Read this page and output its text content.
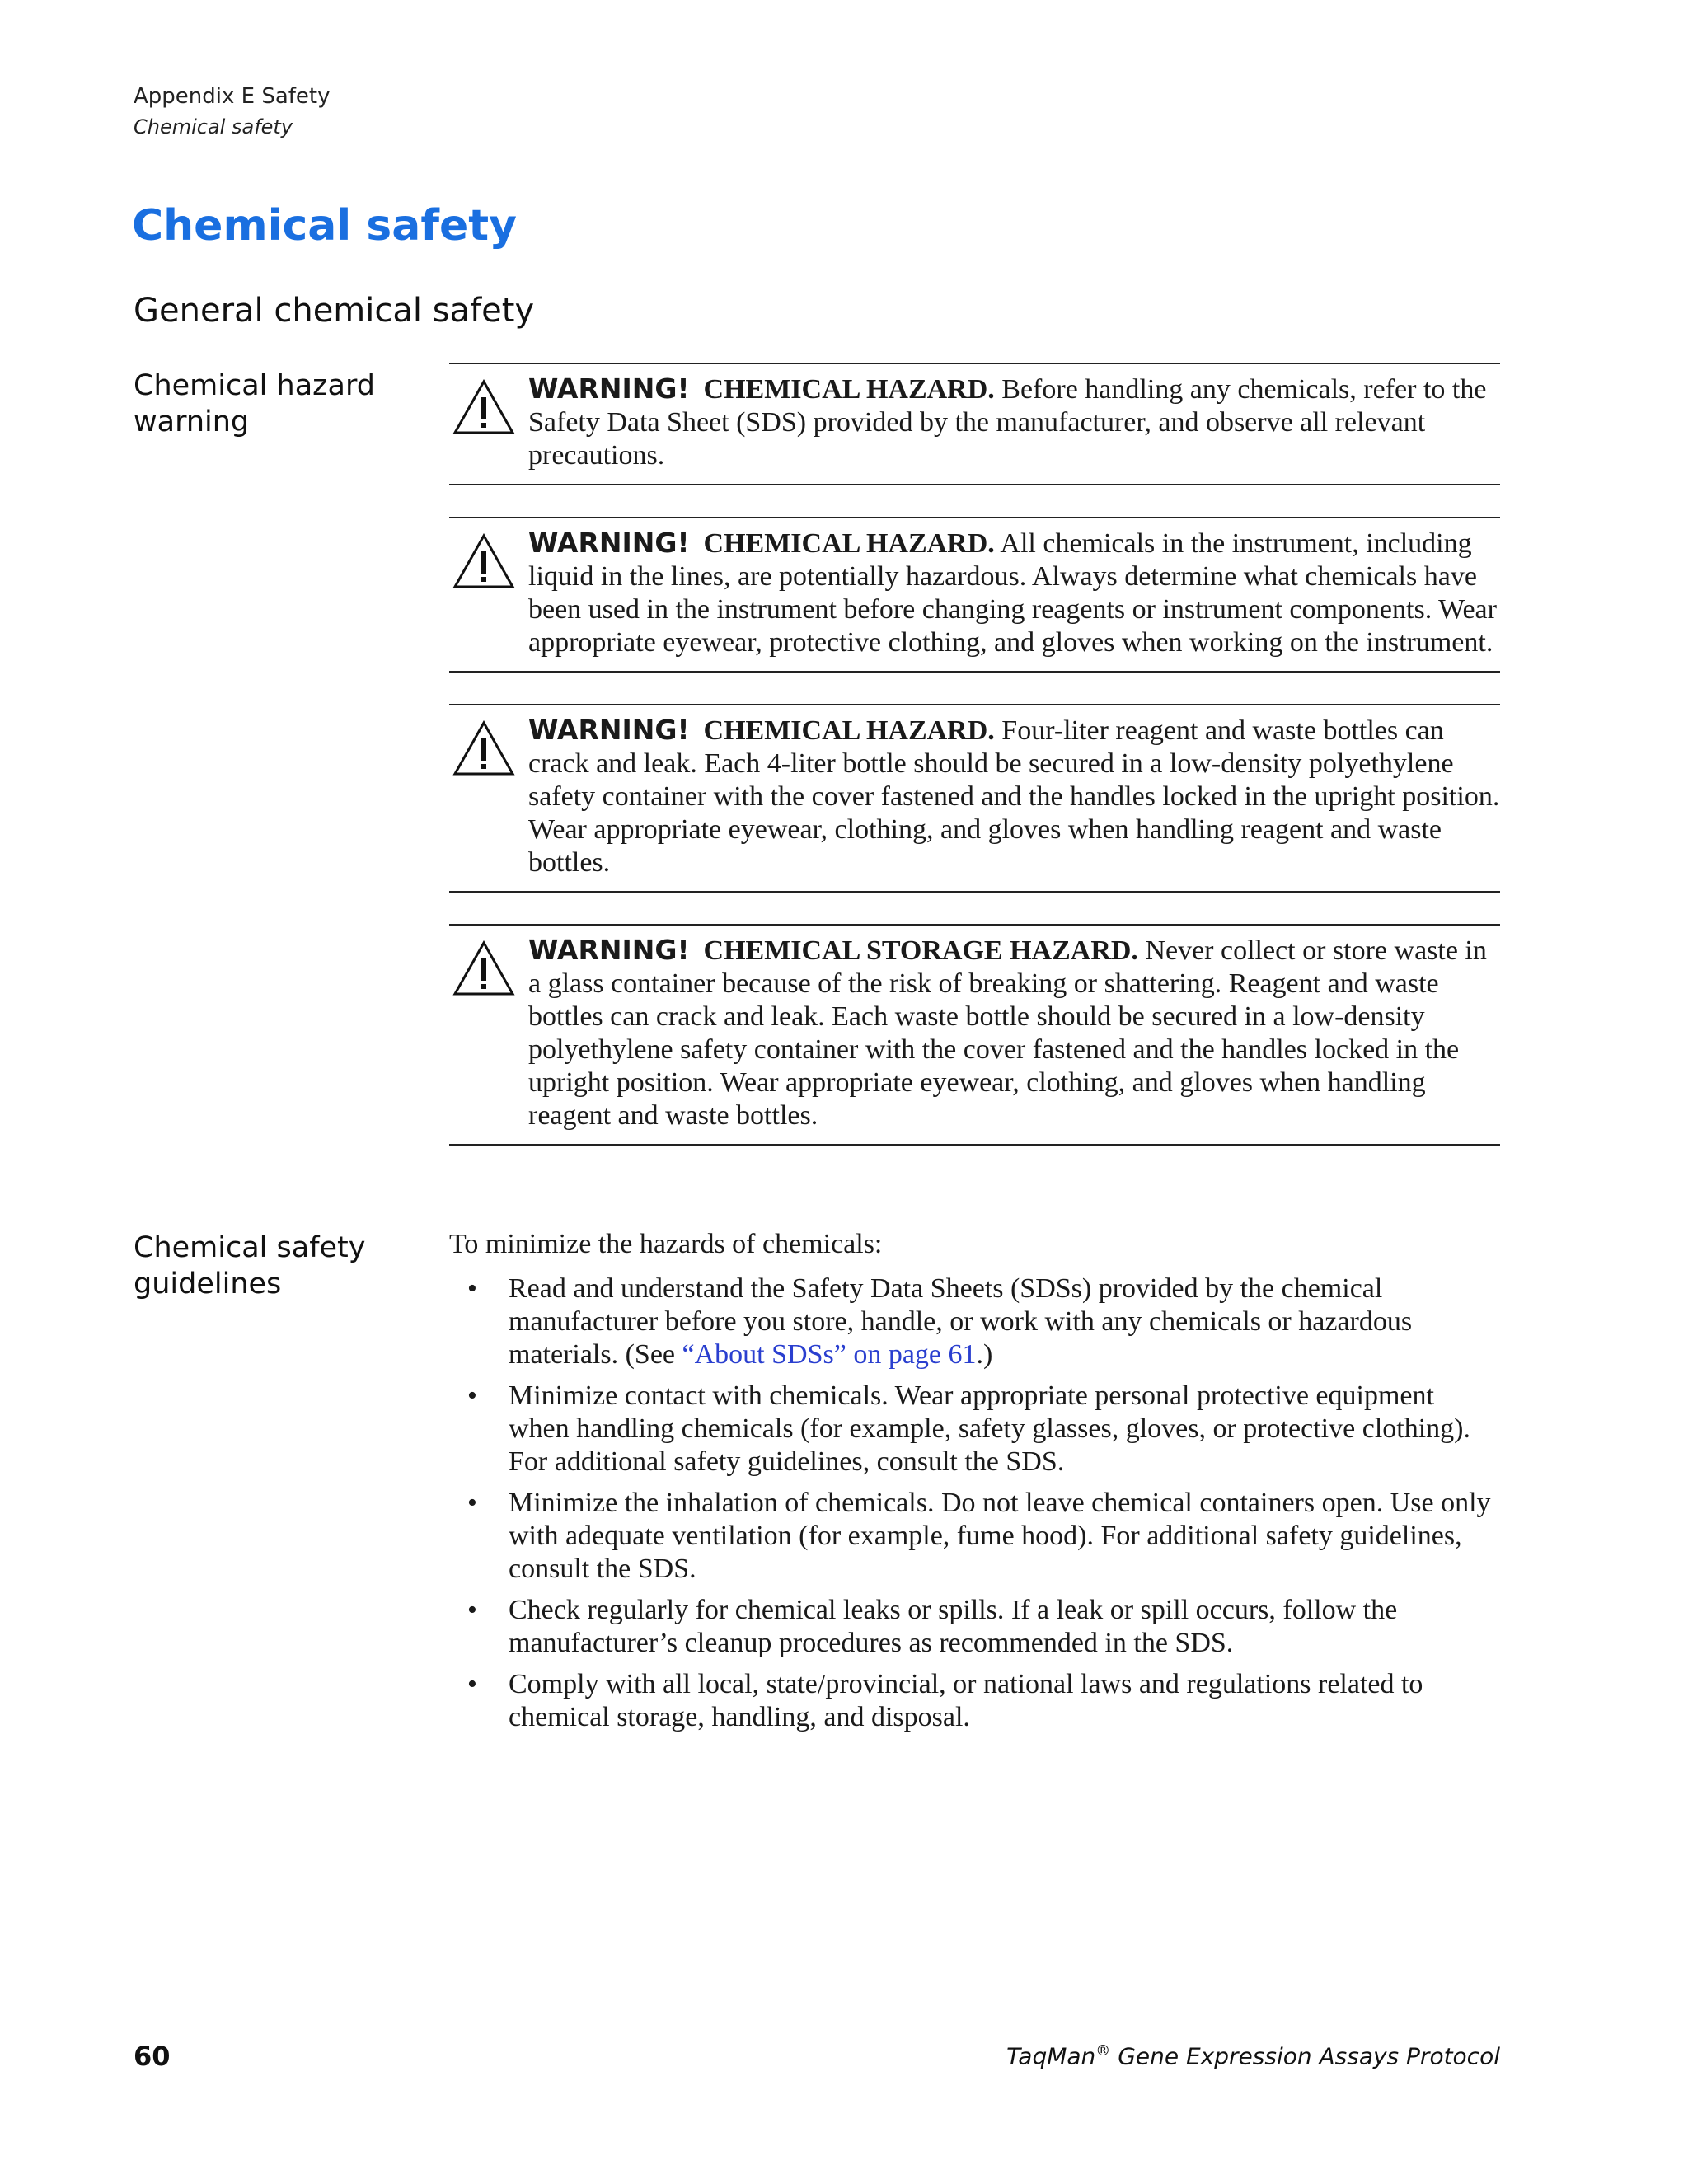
Appendix E Safety
Chemical safety
Chemical safety
General chemical safety
Chemical hazard warning
WARNING! CHEMICAL HAZARD. Before handling any chemicals, refer to the Safety Data Sheet (SDS) provided by the manufacturer, and observe all relevant precautions.
WARNING! CHEMICAL HAZARD. All chemicals in the instrument, including liquid in the lines, are potentially hazardous. Always determine what chemicals have been used in the instrument before changing reagents or instrument components. Wear appropriate eyewear, protective clothing, and gloves when working on the instrument.
WARNING! CHEMICAL HAZARD. Four-liter reagent and waste bottles can crack and leak. Each 4-liter bottle should be secured in a low-density polyethylene safety container with the cover fastened and the handles locked in the upright position. Wear appropriate eyewear, clothing, and gloves when handling reagent and waste bottles.
WARNING! CHEMICAL STORAGE HAZARD. Never collect or store waste in a glass container because of the risk of breaking or shattering. Reagent and waste bottles can crack and leak. Each waste bottle should be secured in a low-density polyethylene safety container with the cover fastened and the handles locked in the upright position. Wear appropriate eyewear, clothing, and gloves when handling reagent and waste bottles.
Chemical safety guidelines

To minimize the hazards of chemicals:

• Read and understand the Safety Data Sheets (SDSs) provided by the chemical manufacturer before you store, handle, or work with any chemicals or hazardous materials. (See “About SDSs” on page 61.)
• Minimize contact with chemicals. Wear appropriate personal protective equipment when handling chemicals (for example, safety glasses, gloves, or protective clothing). For additional safety guidelines, consult the SDS.
• Minimize the inhalation of chemicals. Do not leave chemical containers open. Use only with adequate ventilation (for example, fume hood). For additional safety guidelines, consult the SDS.
• Check regularly for chemical leaks or spills. If a leak or spill occurs, follow the manufacturer’s cleanup procedures as recommended in the SDS.
• Comply with all local, state/provincial, or national laws and regulations related to chemical storage, handling, and disposal.
60	TaqMan® Gene Expression Assays Protocol
